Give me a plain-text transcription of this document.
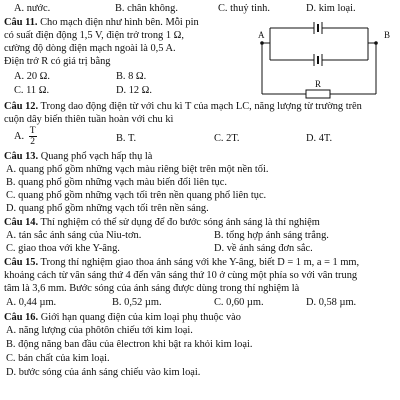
A. nước.	B. chân không.	C. thuỷ tinh.	D. kim loại.
Câu 11. Cho mạch điện như hình bên. Mỗi pin
có suất điện động 1,5 V, điện trở trong 1 Ω,
cường độ dòng điện mạch ngoài là 0,5 A.
Điện trở R có giá trị bằng
A. 20 Ω.	B. 8 Ω.
C. 11 Ω.	D. 12 Ω.
A	B
R
Câu 12. Trong dao động điện từ với chu kì T của mạch LC, năng lượng từ trường trên
cuộn dây biến thiên tuần hoàn với chu kì
A. $\frac{T}{2}$	B. T.	C. 2T.	D. 4T.
Câu 13. Quang phổ vạch hấp thụ là
A. quang phổ gồm những vạch màu riêng biệt trên một nền tối.
B. quang phổ gồm những vạch màu biến đổi liên tục.
C. quang phổ gồm những vạch tối trên nền quang phổ liên tục.
D. quang phổ gồm những vạch tối trên nền sáng.
Câu 14. Thí nghiệm có thể sử dụng để đo bước sóng ánh sáng là thí nghiệm
A. tán sắc ánh sáng của Niu-tơn.	B. tổng hợp ánh sáng trắng.
C. giao thoa với khe Y-âng.	D. về ánh sáng đơn sắc.
Câu 15. Trong thí nghiệm giao thoa ánh sáng với khe Y-âng, biết D = 1 m, a = 1 mm,
khoảng cách từ vân sáng thứ 4 đến vân sáng thứ 10 ở cùng một phía so với vân trung
tâm là 3,6 mm. Bước sóng của ánh sáng được dùng trong thí nghiệm là
A. 0,44 µm.	B. 0,52 µm.	C. 0,60 µm.	D. 0,58 µm.
Câu 16. Giới hạn quang điện của kim loại phụ thuộc vào
A. năng lượng của phôtôn chiếu tới kim loại.
B. động năng ban đầu của êlectron khi bật ra khỏi kim loại.
C. bản chất của kim loại.
D. bước sóng của ánh sáng chiếu vào kim loại.
